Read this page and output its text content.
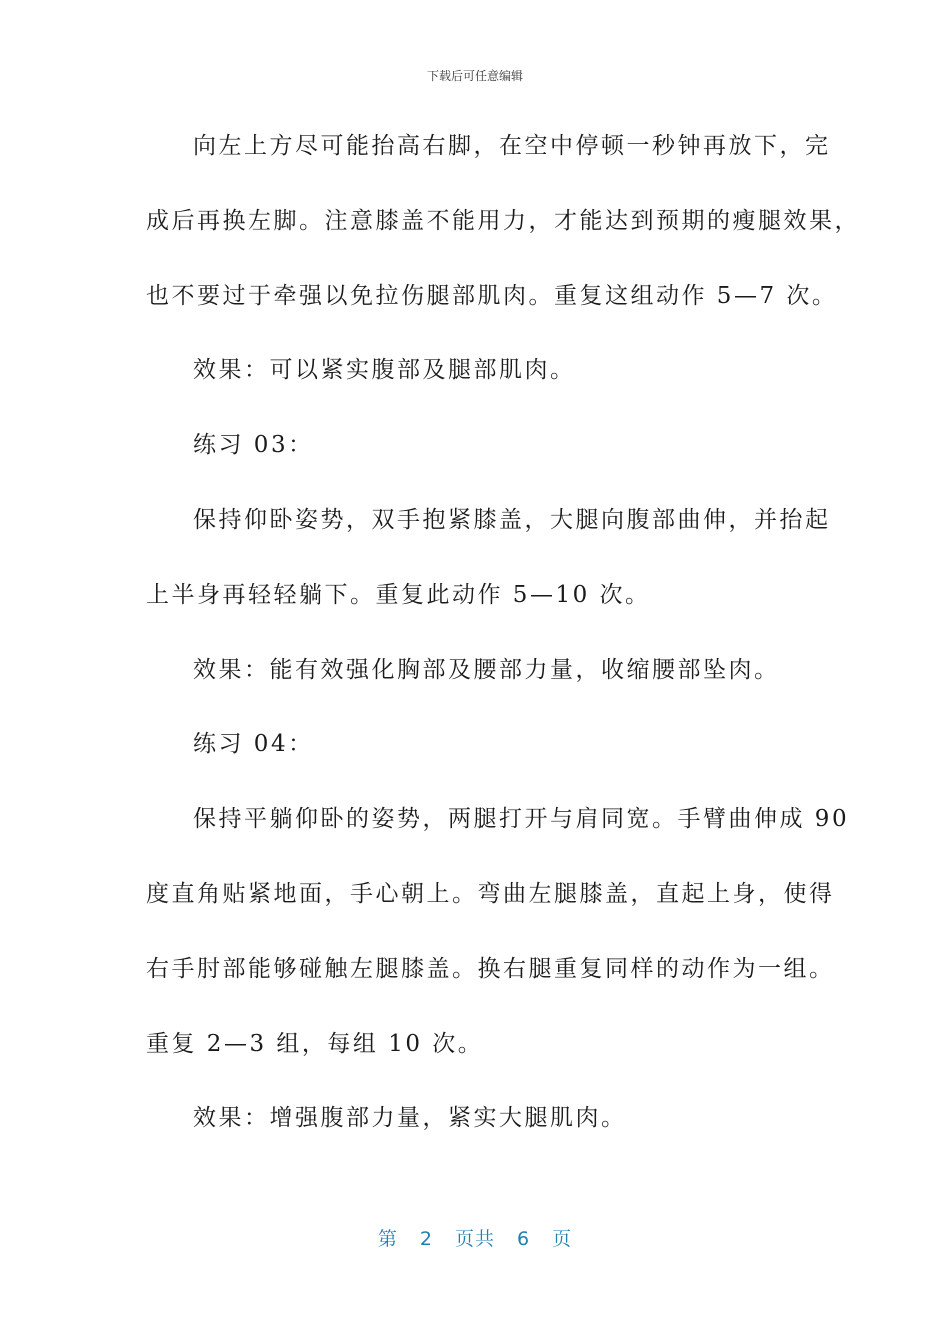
下载后可任意编辑
向左上方尽可能抬高右脚，在空中停顿一秒钟再放下，完
成后再换左脚。注意膝盖不能用力，才能达到预期的瘦腿效果，
也不要过于牵强以免拉伤腿部肌肉。重复这组动作 5—7 次。
效果：可以紧实腹部及腿部肌肉。
练习 03：
保持仰卧姿势，双手抱紧膝盖，大腿向腹部曲伸，并抬起
上半身再轻轻躺下。重复此动作 5—10 次。
效果：能有效强化胸部及腰部力量，收缩腰部坠肉。
练习 04：
保持平躺仰卧的姿势，两腿打开与肩同宽。手臂曲伸成 90
度直角贴紧地面，手心朝上。弯曲左腿膝盖，直起上身，使得
右手肘部能够碰触左腿膝盖。换右腿重复同样的动作为一组。
重复 2—3 组，每组 10 次。
效果：增强腹部力量，紧实大腿肌肉。
第 2 页共 6 页
